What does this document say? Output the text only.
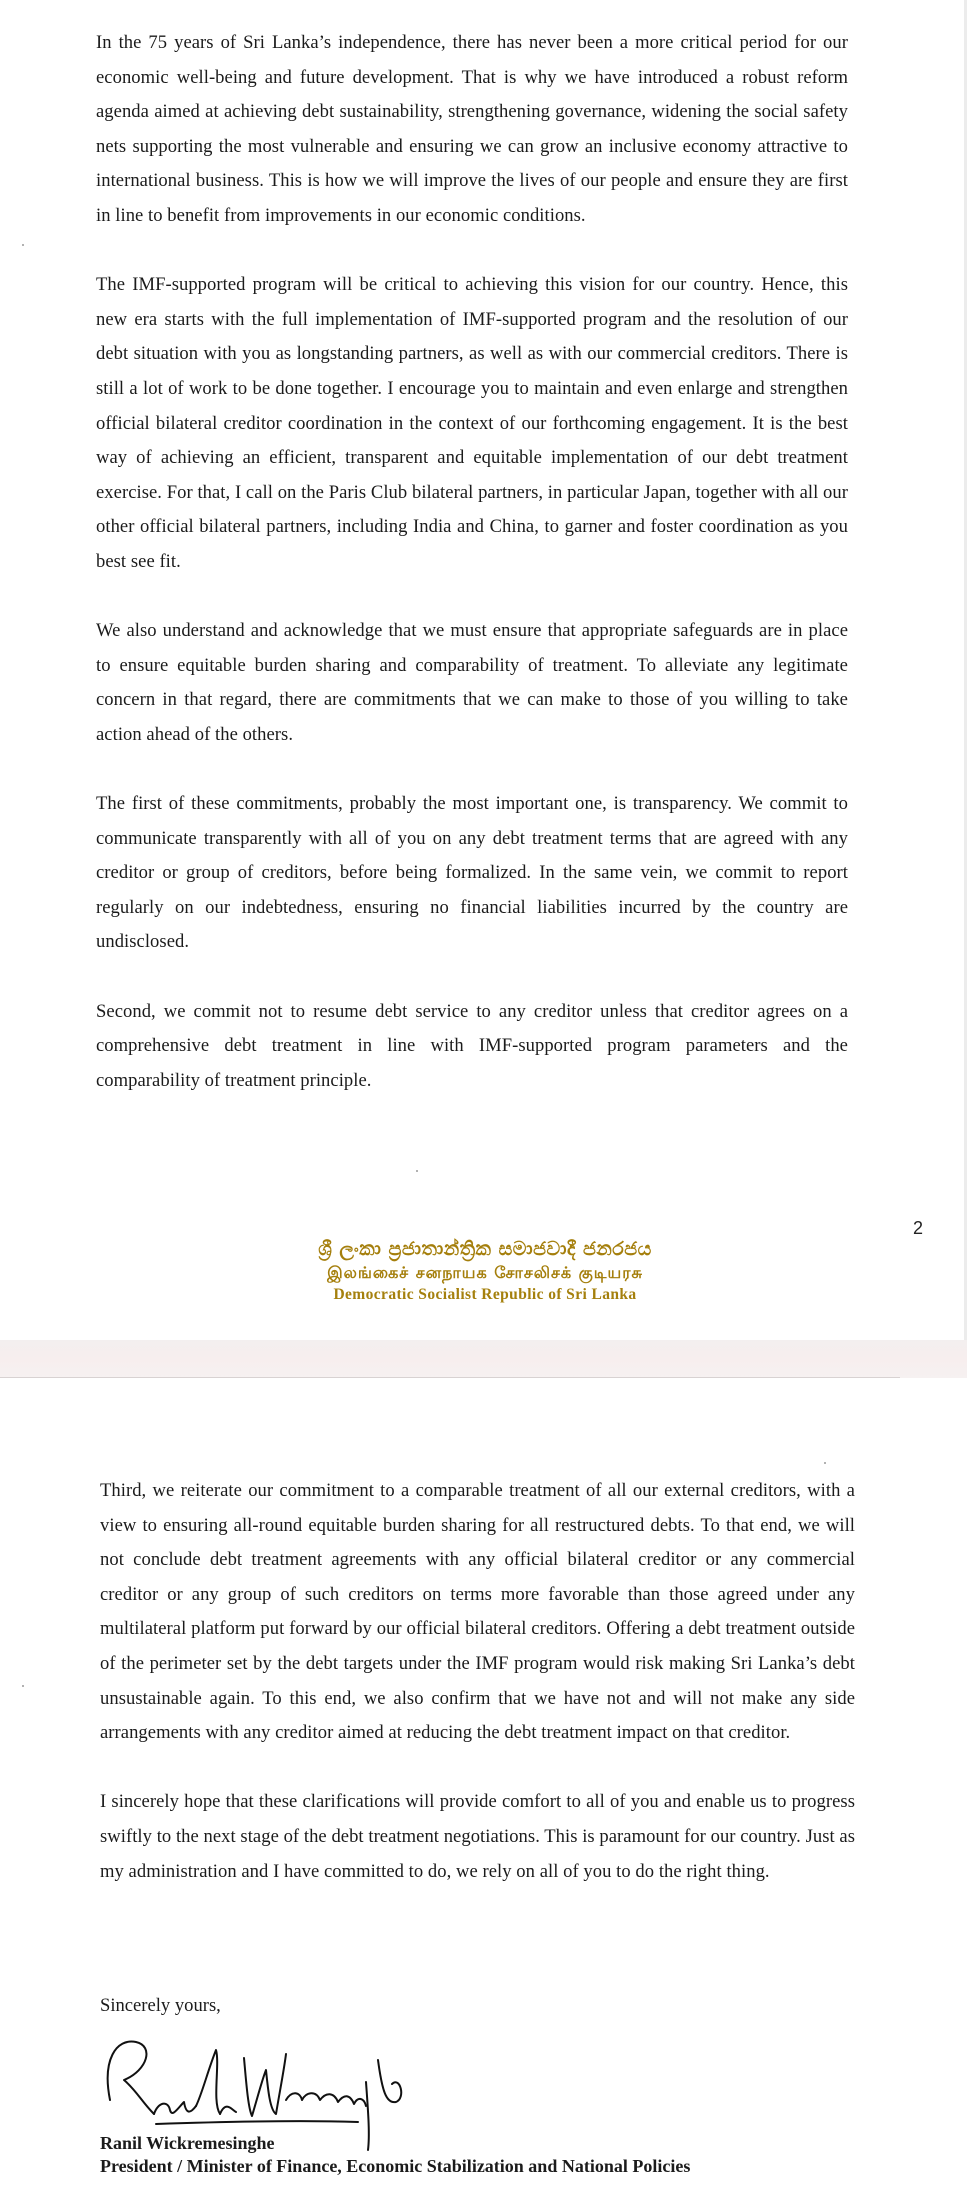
In the 75 years of Sri Lanka’s independence, there has never been a more critical period for our economic well-being and future development. That is why we have introduced a robust reform agenda aimed at achieving debt sustainability, strengthening governance, widening the social safety nets supporting the most vulnerable and ensuring we can grow an inclusive economy attractive to international business. This is how we will improve the lives of our people and ensure they are first in line to benefit from improvements in our economic conditions.

The IMF-supported program will be critical to achieving this vision for our country. Hence, this new era starts with the full implementation of IMF-supported program and the resolution of our debt situation with you as longstanding partners, as well as with our commercial creditors. There is still a lot of work to be done together. I encourage you to maintain and even enlarge and strengthen official bilateral creditor coordination in the context of our forthcoming engagement. It is the best way of achieving an efficient, transparent and equitable implementation of our debt treatment exercise. For that, I call on the Paris Club bilateral partners, in particular Japan, together with all our other official bilateral partners, including India and China, to garner and foster coordination as you best see fit.

We also understand and acknowledge that we must ensure that appropriate safeguards are in place to ensure equitable burden sharing and comparability of treatment. To alleviate any legitimate concern in that regard, there are commitments that we can make to those of you willing to take action ahead of the others.

The first of these commitments, probably the most important one, is transparency. We commit to communicate transparently with all of you on any debt treatment terms that are agreed with any creditor or group of creditors, before being formalized. In the same vein, we commit to report regularly on our indebtedness, ensuring no financial liabilities incurred by the country are undisclosed.

Second, we commit not to resume debt service to any creditor unless that creditor agrees on a comprehensive debt treatment in line with IMF-supported program parameters and the comparability of treatment principle.

2
ශ්‍රී ලංකා ප්‍රජාතාන්ත්‍රික සමාජවාදී ජනරජය
இலங்கைச் சனநாயக சோசலிசக் குடியரசு
Democratic Socialist Republic of Sri Lanka

Third, we reiterate our commitment to a comparable treatment of all our external creditors, with a view to ensuring all-round equitable burden sharing for all restructured debts. To that end, we will not conclude debt treatment agreements with any official bilateral creditor or any commercial creditor or any group of such creditors on terms more favorable than those agreed under any multilateral platform put forward by our official bilateral creditors. Offering a debt treatment outside of the perimeter set by the debt targets under the IMF program would risk making Sri Lanka’s debt unsustainable again. To this end, we also confirm that we have not and will not make any side arrangements with any creditor aimed at reducing the debt treatment impact on that creditor.

I sincerely hope that these clarifications will provide comfort to all of you and enable us to progress swiftly to the next stage of the debt treatment negotiations. This is paramount for our country. Just as my administration and I have committed to do, we rely on all of you to do the right thing.

Sincerely yours,
Ranil Wickremesinghe
President / Minister of Finance, Economic Stabilization and National Policies
